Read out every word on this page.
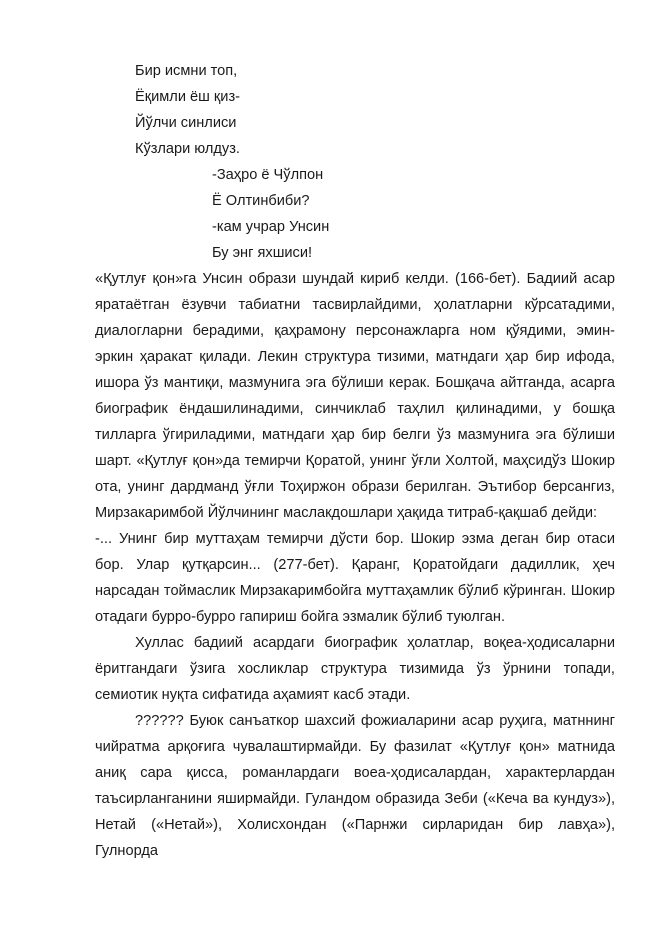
Бир исмни топ,
Ёқимли ёш қиз-
Йўлчи синлиси
Кўзлари юлдуз.
-Заҳро ё Чўлпон
Ё Олтинбиби?
-кам учрар Унсин
Бу энг яхшиси!

«Қутлуғ қон»га Унсин образи шундай кириб келди. (166-бет). Бадиий асар яратаётган ёзувчи табиатни тасвирлайдими, ҳолатларни кўрсатадими, диалогларни берадими, қаҳрамону персонажларга ном қўядими, эмин-эркин ҳаракат қилади. Лекин структура тизими, матндаги ҳар бир ифода, ишора ўз мантиқи, мазмунига эга бўлиши керак. Бошқача айтганда, асарга биографик ёндашилинадими, синчиклаб таҳлил қилинадими, у бошқа тилларга ўгириладими, матндаги ҳар бир белги ўз мазмунига эга бўлиши шарт. «Қутлуғ қон»да темирчи Қоратой, унинг ўғли Холтой, маҳсидўз Шокир ота, унинг дардманд ўғли Тоҳиржон образи берилган. Эътибор берсангиз, Мирзакаримбой Йўлчининг маслакдошлари ҳақида титраб-қақшаб дейди:

-... Унинг бир муттаҳам темирчи дўсти бор. Шокир эзма деган бир отаси бор. Улар қутқарсин... (277-бет). Қаранг, Қоратойдаги дадиллик, ҳеч нарсадан тоймаслик Мирзакаримбойга муттаҳамлик бўлиб кўринган. Шокир отадаги бурро-бурро гапириш бойга эзмалик бўлиб туюлган.

Хуллас бадиий асардаги биографик ҳолатлар, воқеа-ҳодисаларни ёритгандаги ўзига хосликлар структура тизимида ўз ўрнини топади, семиотик нуқта сифатида аҳамият касб этади.

?????? Буюк санъаткор шахсий фожиаларини асар руҳига, матннинг чийратма арқоғига чувалаштирмайди. Бу фазилат «Қутлуғ қон» матнида аниқ сара қисса, романлардаги воеа-ҳодисалардан, характерлардан таъсирланганини яширмайди. Гуландом образида Зеби («Кеча ва кундуз»), Нетай («Нетай»), Холисхондан («Парнжи сирларидан бир лавҳа»), Гулнорда
